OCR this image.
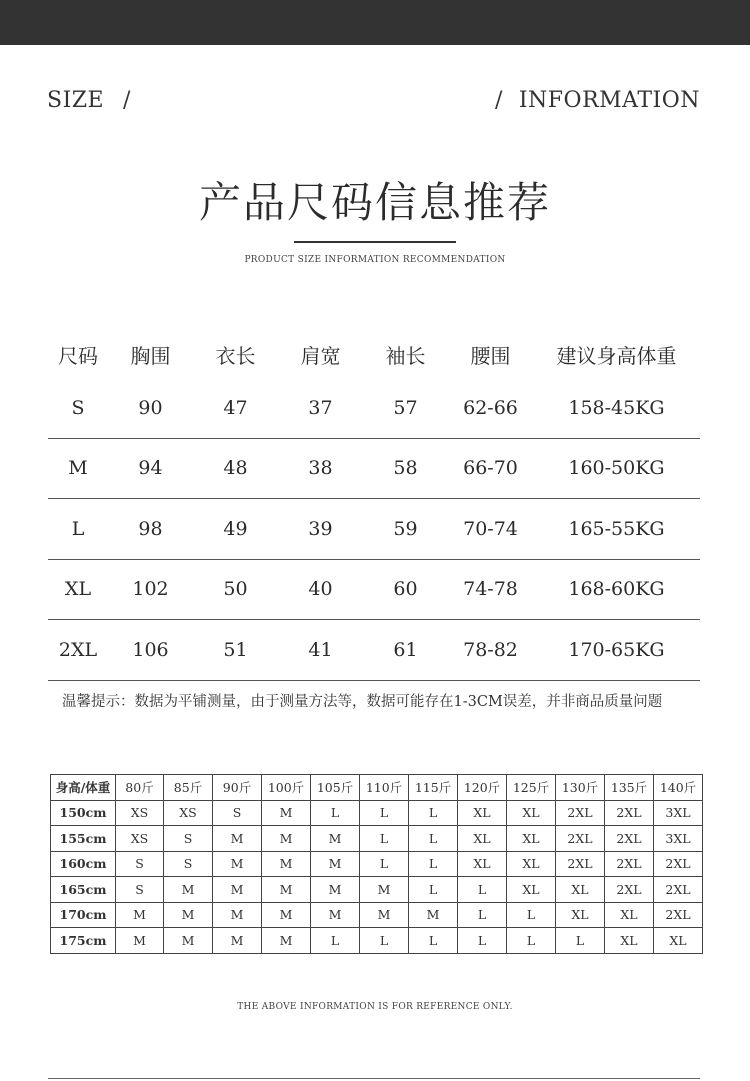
SIZE /	/ INFORMATION
产品尺码信息推荐
PRODUCT SIZE INFORMATION RECOMMENDATION
尺码	胸围	衣长	肩宽	袖长	腰围	建议身高体重
S	90	47	37	57	62-66	158-45KG
M	94	48	38	58	66-70	160-50KG
L	98	49	39	59	70-74	165-55KG
XL	102	50	40	60	74-78	168-60KG
2XL	106	51	41	61	78-82	170-65KG
温馨提示：数据为平铺测量，由于测量方法等，数据可能存在1-3CM误差，并非商品质量问题
身高/体重	80斤	85斤	90斤	100斤	105斤	110斤	115斤	120斤	125斤	130斤	135斤	140斤
150cm	XS	XS	S	M	L	L	L	XL	XL	2XL	2XL	3XL
155cm	XS	S	M	M	M	L	L	XL	XL	2XL	2XL	3XL
160cm	S	S	M	M	M	L	L	XL	XL	2XL	2XL	2XL
165cm	S	M	M	M	M	M	L	L	XL	XL	2XL	2XL
170cm	M	M	M	M	M	M	M	L	L	XL	XL	2XL
175cm	M	M	M	M	L	L	L	L	L	L	XL	XL
THE ABOVE INFORMATION IS FOR REFERENCE ONLY.
